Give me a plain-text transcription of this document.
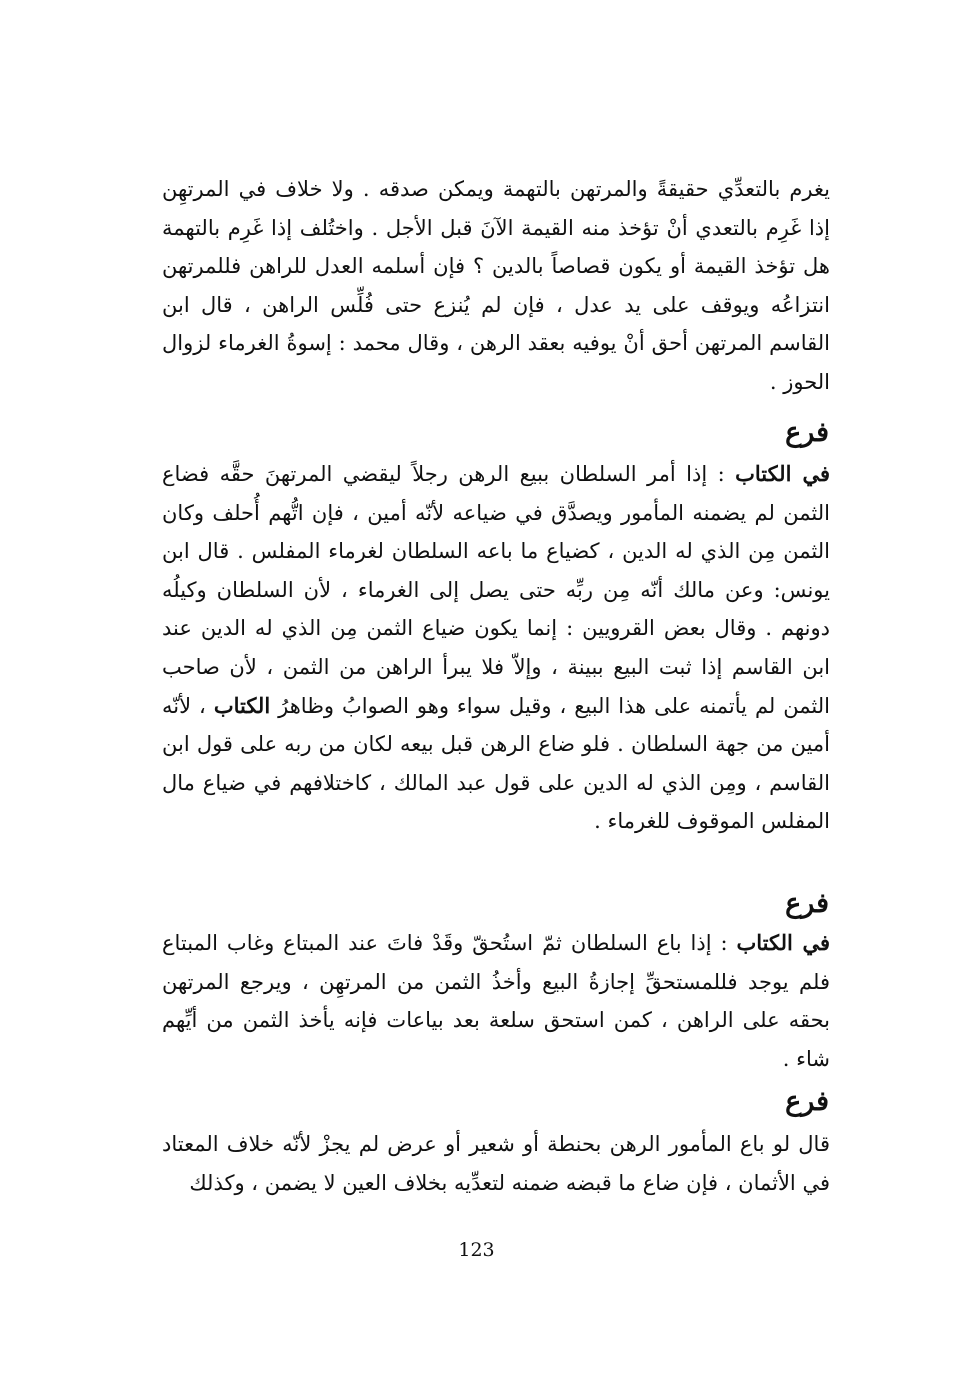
يغرم بالتعدِّي حقيقةً والمرتهن بالتهمة ويمكن صدقه . ولا خلاف في المرتهِن إذا غَرِم بالتعدي أنْ تؤخذ منه القيمة الآنَ قبل الأجل . واختُلف إذا غَرِم بالتهمة هل تؤخذ القيمة أو يكون قصاصاً بالدين ؟ فإن أسلمه العدل للراهن فللمرتهن انتزاعُه ويوقف على يد عدل ، فإن لم يُنزع حتى فُلِّس الراهن ، قال ابن القاسم المرتهن أحق أنْ يوفيه بعقد الرهن ، وقال محمد : إسوةُ الغرماء لزوال الحوز .

فرع

في الكتاب : إذا أمر السلطان ببيع الرهن رجلاً ليقضي المرتهنَ حقَّه فضاع الثمن لم يضمنه المأمور ويصدَّق في ضياعه لأنّه أمين ، فإن اتُّهم أُحلف وكان الثمن مِن الذي له الدين ، كضياع ما باعه السلطان لغرماء المفلس . قال ابن يونس: وعن مالك أنّه مِن ربِّه حتى يصل إلى الغرماء ، لأن السلطان وكيلُه دونهم . وقال بعض القرويين : إنما يكون ضياع الثمن مِن الذي له الدين عند ابن القاسم إذا ثبت البيع ببينة ، وإلاّ فلا يبرأ الراهن من الثمن ، لأن صاحب الثمن لم يأتمنه على هذا البيع ، وقيل سواء وهو الصوابُ وظاهرُ الكتاب ، لأنّه أمين من جهة السلطان . فلو ضاع الرهن قبل بيعه لكان من ربه على قول ابن القاسم ، ومِن الذي له الدين على قول عبد المالك ، كاختلافهم في ضياع مال المفلس الموقوف للغرماء .

فرع

في الكتاب : إذا باع السلطان ثمّ استُحقّ وقَدْ فاتَ عند المبتاع وغاب المبتاع فلم يوجد فللمستحقِّ إجازةُ البيع وأخذُ الثمن من المرتهِن ، ويرجع المرتهن بحقه على الراهن ، كمن استحق سلعة بعد بياعات فإنه يأخذ الثمن من أيِّهم شاء .

فرع

قال لو باع المأمور الرهن بحنطة أو شعير أو عرض لم يجزْ لأنّه خلاف المعتاد في الأثمان ، فإن ضاع ما قبضه ضمنه لتعدِّيه بخلاف العين لا يضمن ، وكذلك

123
